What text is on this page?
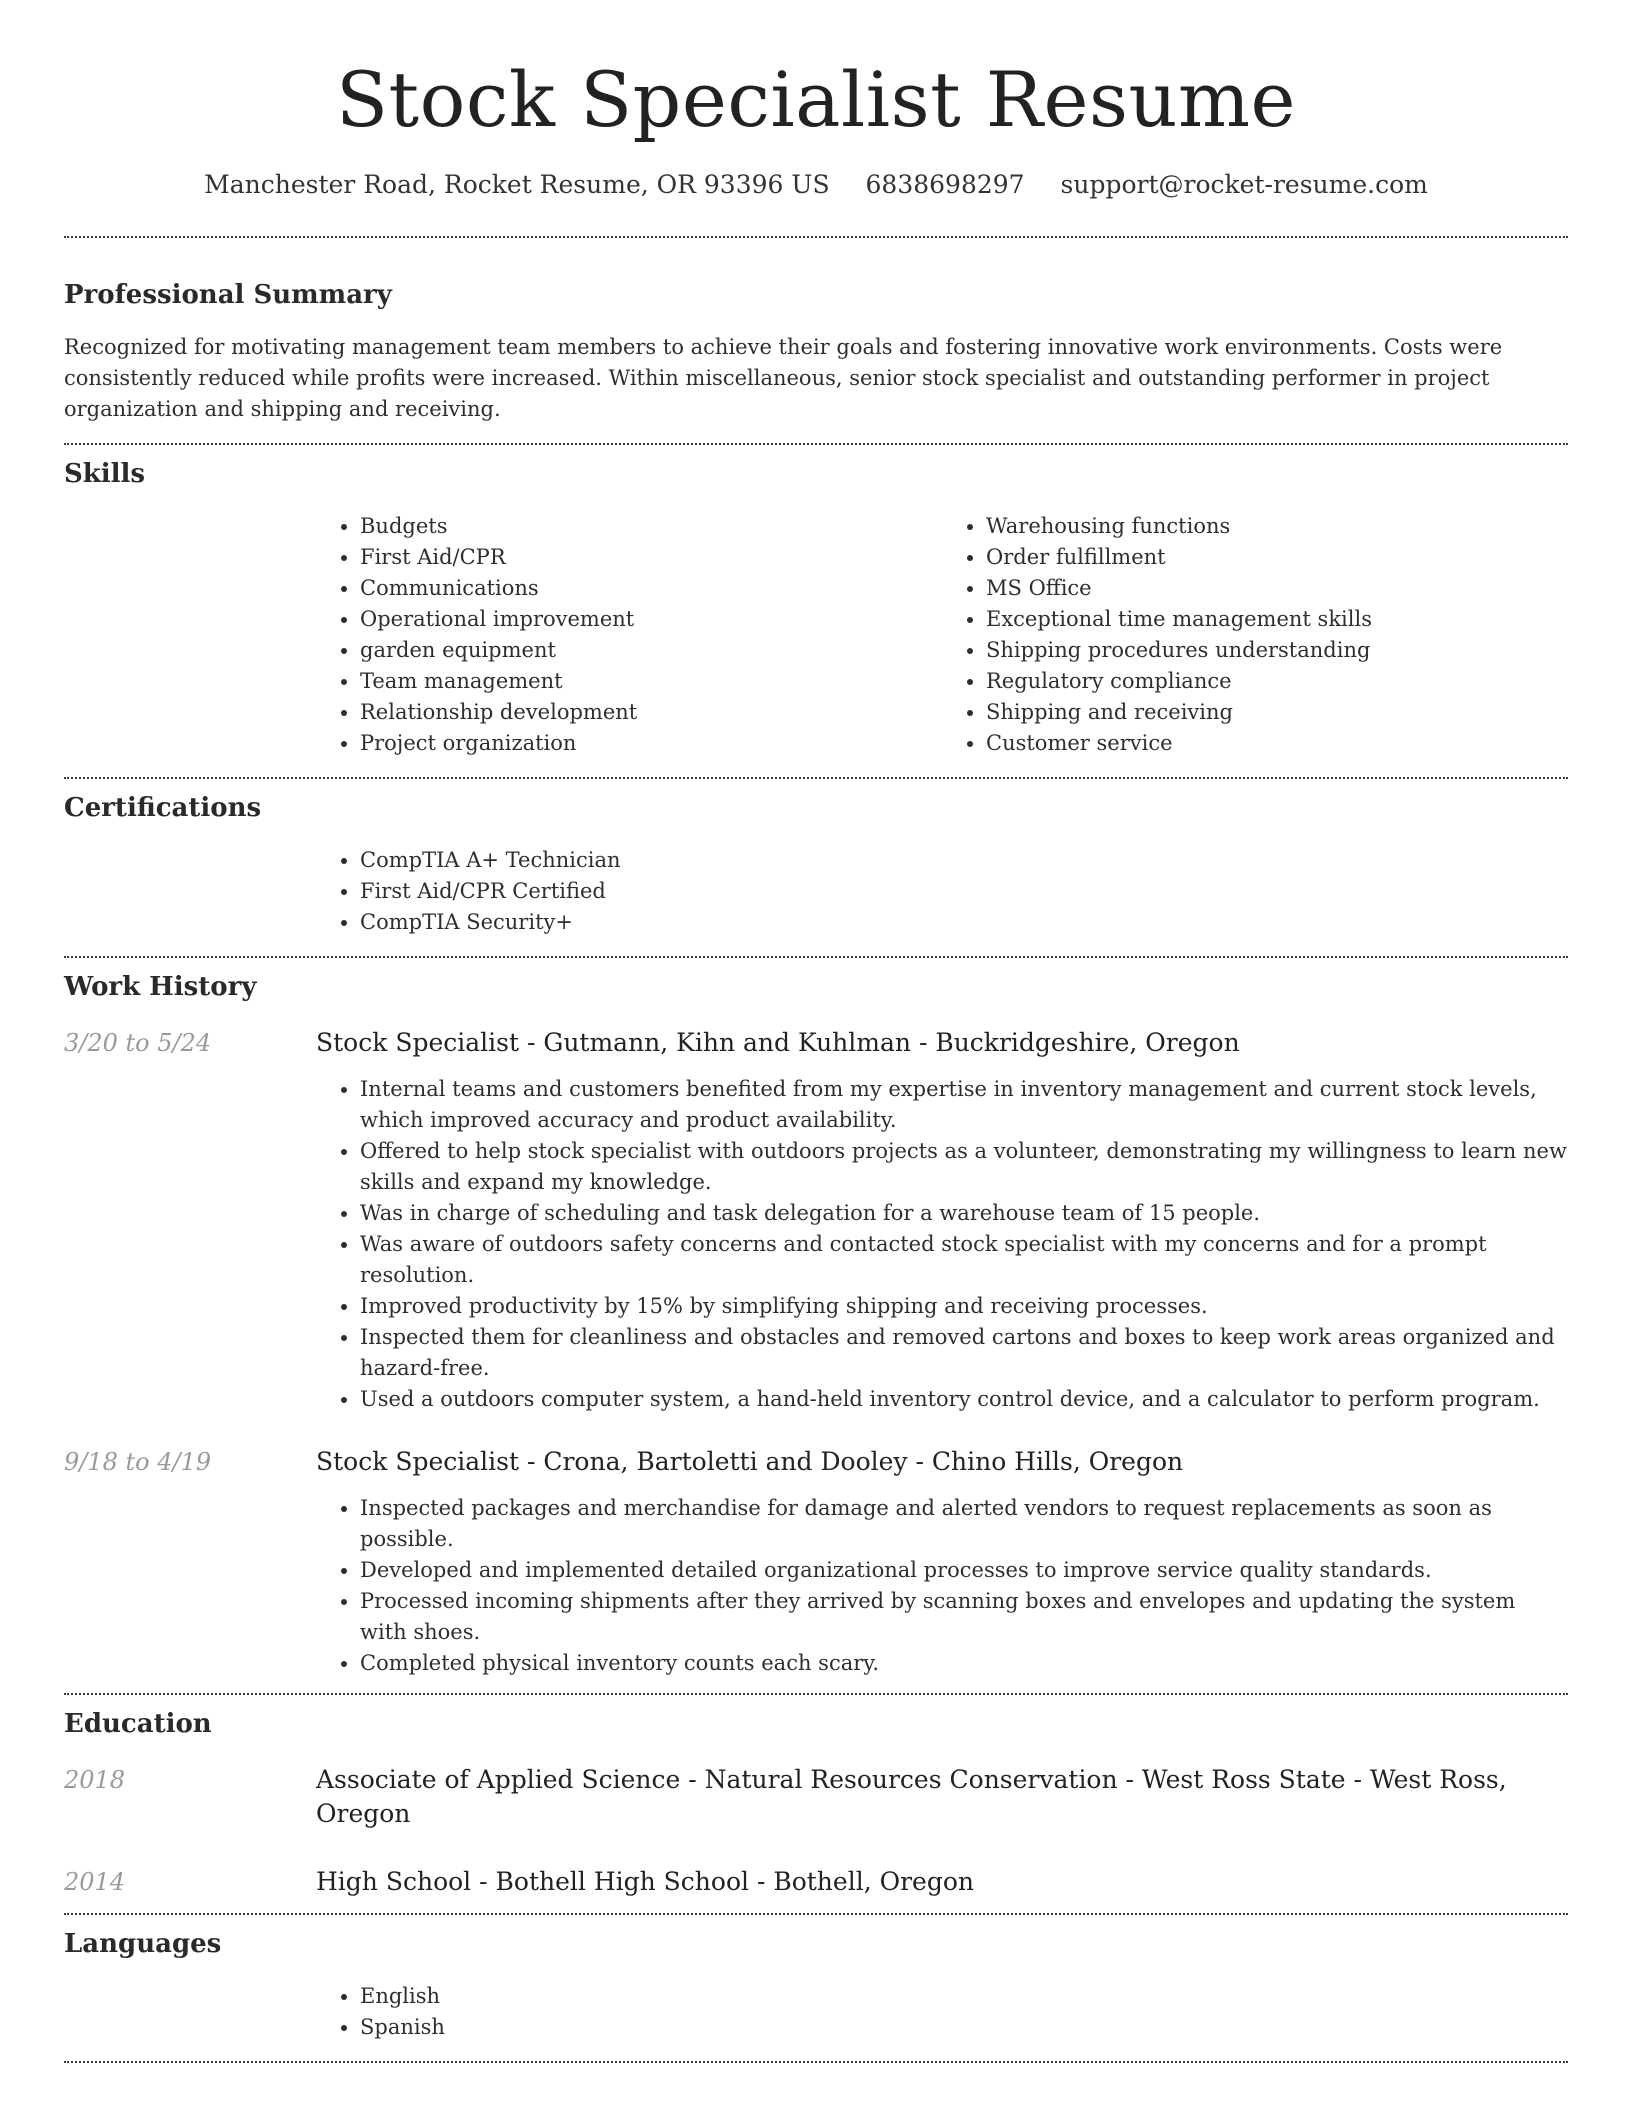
Stock Specialist Resume
Manchester Road, Rocket Resume, OR 93396 US 6838698297 support@rocket-resume.com
Professional Summary

Recognized for motivating management team members to achieve their goals and fostering innovative work environments. Costs were consistently reduced while profits were increased. Within miscellaneous, senior stock specialist and outstanding performer in project organization and shipping and receiving.

Skills
• Budgets
• First Aid/CPR
• Communications
• Operational improvement
• garden equipment
• Team management
• Relationship development
• Project organization
• Warehousing functions
• Order fulfillment
• MS Office
• Exceptional time management skills
• Shipping procedures understanding
• Regulatory compliance
• Shipping and receiving
• Customer service
Certifications
• CompTIA A+ Technician
• First Aid/CPR Certified
• CompTIA Security+
Work History
3/20 to 5/24	Stock Specialist - Gutmann, Kihn and Kuhlman - Buckridgeshire, Oregon
• Internal teams and customers benefited from my expertise in inventory management and current stock levels, which improved accuracy and product availability.
• Offered to help stock specialist with outdoors projects as a volunteer, demonstrating my willingness to learn new skills and expand my knowledge.
• Was in charge of scheduling and task delegation for a warehouse team of 15 people.
• Was aware of outdoors safety concerns and contacted stock specialist with my concerns and for a prompt resolution.
• Improved productivity by 15% by simplifying shipping and receiving processes.
• Inspected them for cleanliness and obstacles and removed cartons and boxes to keep work areas organized and hazard-free.
• Used a outdoors computer system, a hand-held inventory control device, and a calculator to perform program.
9/18 to 4/19	Stock Specialist - Crona, Bartoletti and Dooley - Chino Hills, Oregon
• Inspected packages and merchandise for damage and alerted vendors to request replacements as soon as possible.
• Developed and implemented detailed organizational processes to improve service quality standards.
• Processed incoming shipments after they arrived by scanning boxes and envelopes and updating the system with shoes.
• Completed physical inventory counts each scary.
Education
2018	Associate of Applied Science - Natural Resources Conservation - West Ross State - West Ross, Oregon
2014	High School - Bothell High School - Bothell, Oregon
Languages
• English
• Spanish
